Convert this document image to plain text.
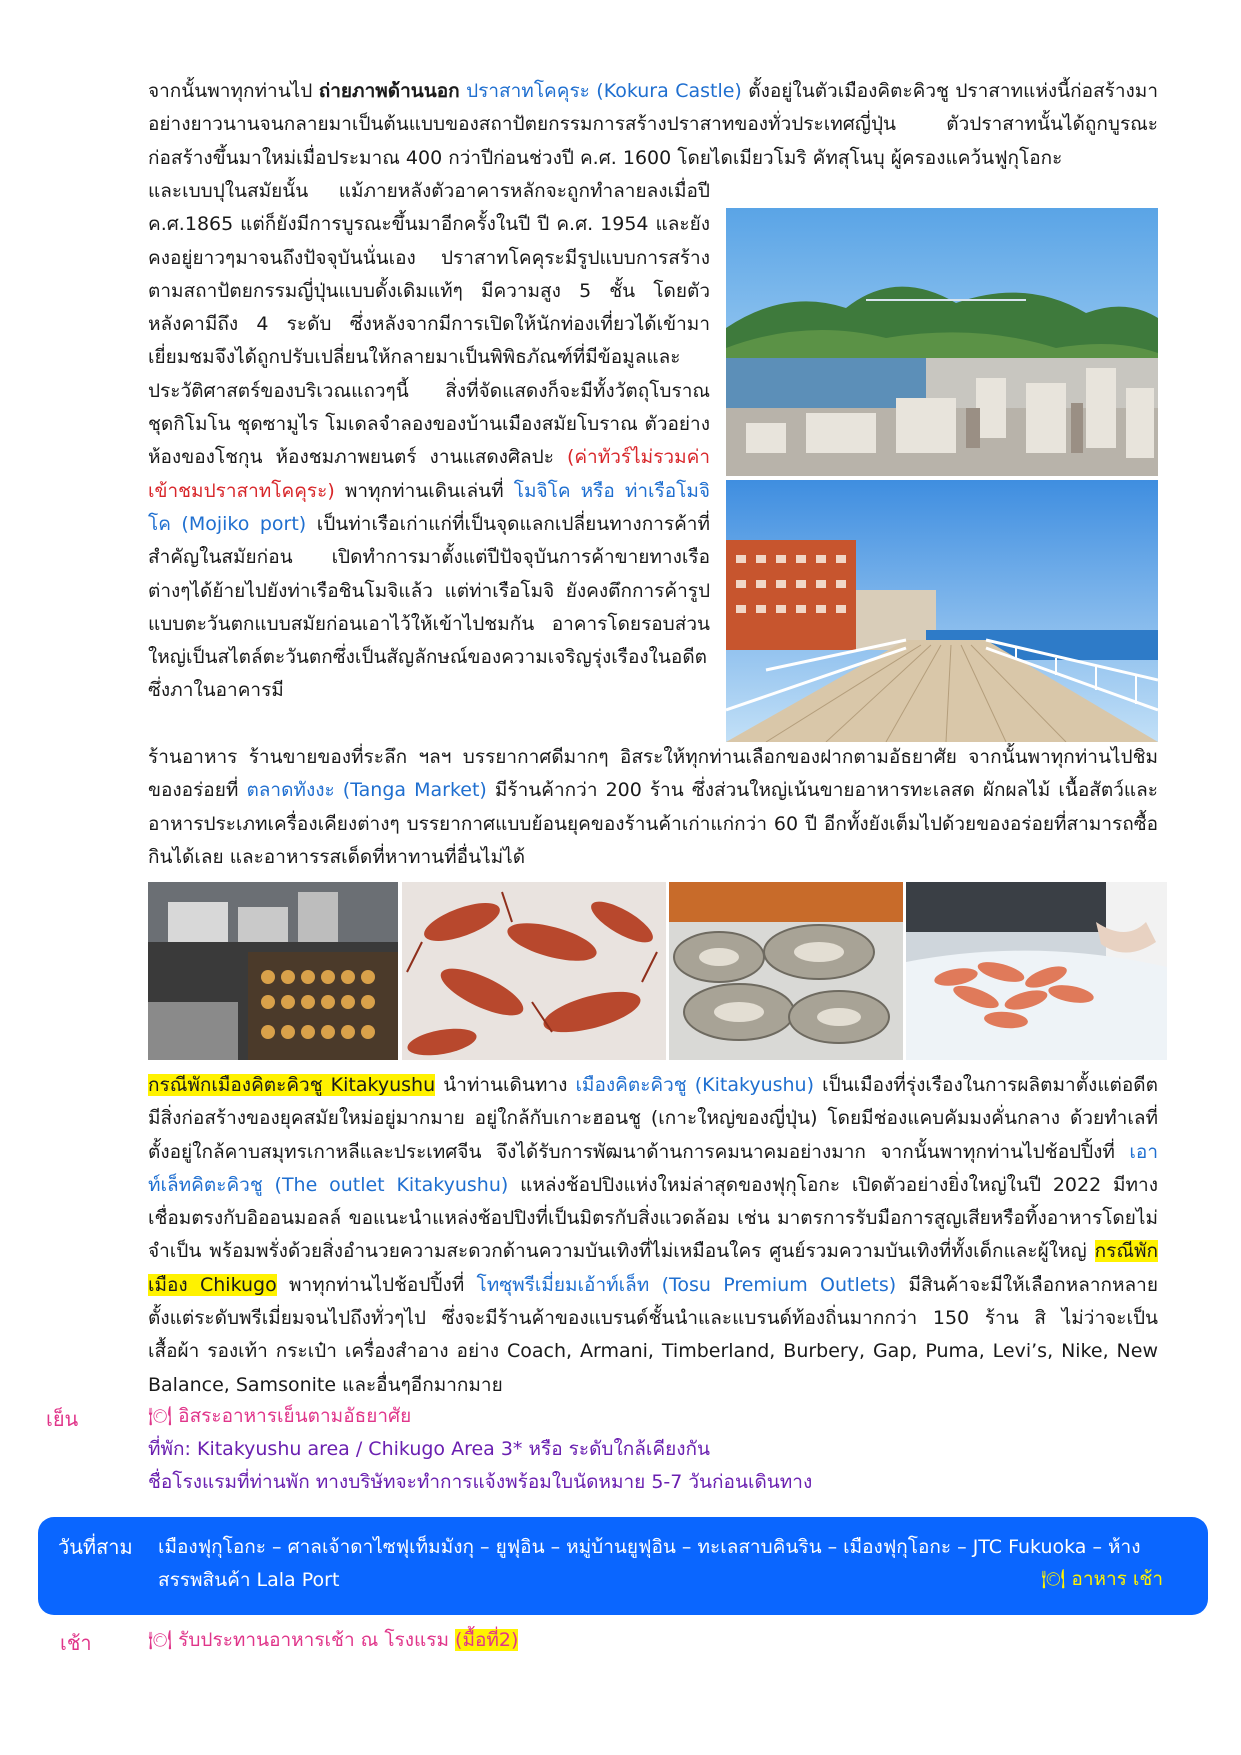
จากนั้นพาทุกท่านไป ถ่ายภาพด้านนอก ปราสาทโคคุระ (Kokura Castle) ตั้งอยู่ในตัวเมืองคิตะคิวชู ปราสาทแห่งนี้ก่อสร้างมาอย่างยาวนานจนกลายมาเป็นต้นแบบของสถาปัตยกรรมการสร้างปราสาทของทั่วประเทศญี่ปุ่น ตัวปราสาทนั้นได้ถูกบูรณะก่อสร้างขึ้นมาใหม่เมื่อประมาณ 400 กว่าปีก่อนช่วงปี ค.ศ. 1600 โดยไดเมียวโมริ คัทสุโนบุ ผู้ครองแคว้นฟูกุโอกะ
และเบบปุในสมัยนั้น แม้ภายหลังตัวอาคารหลักจะถูกทำลายลงเมื่อปี ค.ศ.1865 แต่ก็ยังมีการบูรณะขึ้นมาอีกครั้งในปี ปี ค.ศ. 1954 และยังคงอยู่ยาวๆมาจนถึงปัจจุบันนั่นเอง ปราสาทโคคุระมีรูปแบบการสร้างตามสถาปัตยกรรมญี่ปุ่นแบบดั้งเดิมแท้ๆ มีความสูง 5 ชั้น โดยตัวหลังคามีถึง 4 ระดับ ซึ่งหลังจากมีการเปิดให้นักท่องเที่ยวได้เข้ามาเยี่ยมชมจึงได้ถูกปรับเปลี่ยนให้กลายมาเป็นพิพิธภัณฑ์ที่มีข้อมูลและประวัติศาสตร์ของบริเวณแถวๆนี้ สิ่งที่จัดแสดงก็จะมีทั้งวัตถุโบราณ ชุดกิโมโน ชุดซามูไร โมเดลจำลองของบ้านเมืองสมัยโบราณ ตัวอย่างห้องของโชกุน ห้องชมภาพยนตร์ งานแสดงศิลปะ (ค่าทัวร์ไม่รวมค่าเข้าชมปราสาทโคคุระ) พาทุกท่านเดินเล่นที่ โมจิโค หรือ ท่าเรือโมจิโค (Mojiko port) เป็นท่าเรือเก่าแก่ที่เป็นจุดแลกเปลี่ยนทางการค้าที่สำคัญในสมัยก่อน เปิดทำการมาตั้งแต่ปีปัจจุบันการค้าขายทางเรือต่างๆได้ย้ายไปยังท่าเรือชินโมจิแล้ว แต่ท่าเรือโมจิ ยังคงตึกการค้ารูปแบบตะวันตกแบบสมัยก่อนเอาไว้ให้เข้าไปชมกัน อาคารโดยรอบส่วนใหญ่เป็นสไตล์ตะวันตกซึ่งเป็นสัญลักษณ์ของความเจริญรุ่งเรืองในอดีต ซึ่งภาในอาคารมี
ร้านอาหาร ร้านขายของที่ระลึก ฯลฯ บรรยากาศดีมากๆ อิสระให้ทุกท่านเลือกของฝากตามอัธยาศัย จากนั้นพาทุกท่านไปชิมของอร่อยที่ ตลาดทังงะ (Tanga Market) มีร้านค้ากว่า 200 ร้าน ซึ่งส่วนใหญ่เน้นขายอาหารทะเลสด ผักผลไม้ เนื้อสัตว์และอาหารประเภทเครื่องเคียงต่างๆ บรรยากาศแบบย้อนยุคของร้านค้าเก่าแก่กว่า 60 ปี อีกทั้งยังเต็มไปด้วยของอร่อยที่สามารถซื้อกินได้เลย และอาหารรสเด็ดที่หาทานที่อื่นไม่ได้
กรณีพักเมืองคิตะคิวชู Kitakyushu นำท่านเดินทาง เมืองคิตะคิวชู (Kitakyushu) เป็นเมืองที่รุ่งเรืองในการผลิตมาตั้งแต่อดีต มีสิ่งก่อสร้างของยุคสมัยใหม่อยู่มากมาย อยู่ใกล้กับเกาะฮอนชู (เกาะใหญ่ของญี่ปุ่น) โดยมีช่องแคบคัมมงคั่นกลาง ด้วยทำเลที่ตั้งอยู่ใกล้คาบสมุทรเกาหลีและประเทศจีน จึงได้รับการพัฒนาด้านการคมนาคมอย่างมาก จากนั้นพาทุกท่านไปช้อปปิ้งที่ เอาท์เล็ทคิตะคิวชู (The outlet Kitakyushu) แหล่งช้อปปิงแห่งใหม่ล่าสุดของฟุกุโอกะ เปิดตัวอย่างยิ่งใหญ่ในปี 2022 มีทางเชื่อมตรงกับอิออนมอลล์ ขอแนะนำแหล่งช้อปปิงที่เป็นมิตรกับสิ่งแวดล้อม เช่น มาตรการรับมือการสูญเสียหรือทิ้งอาหารโดยไม่จำเป็น พร้อมพรั่งด้วยสิ่งอำนวยความสะดวกด้านความบันเทิงที่ไม่เหมือนใคร ศูนย์รวมความบันเทิงที่ทั้งเด็กและผู้ใหญ่ กรณีพักเมือง Chikugo พาทุกท่านไปช้อปปิ้งที่ โทซุพรีเมี่ยมเอ้าท์เล็ท (Tosu Premium Outlets) มีสินค้าจะมีให้เลือกหลากหลายตั้งแต่ระดับพรีเมี่ยมจนไปถึงทั่วๆไป ซึ่งจะมีร้านค้าของแบรนด์ชั้นนำและแบรนด์ท้องถิ่นมากกว่า 150 ร้าน สิ ไม่ว่าจะเป็นเสื้อผ้า รองเท้า กระเป๋า เครื่องสำอาง อย่าง Coach, Armani, Timberland, Burbery, Gap, Puma, Levi’s, Nike, New Balance, Samsonite และอื่นๆอีกมากมาย
เย็น	🍽 อิสระอาหารเย็นตามอัธยาศัย
ที่พัก: Kitakyushu area / Chikugo Area 3* หรือ ระดับใกล้เคียงกัน
ชื่อโรงแรมที่ท่านพัก ทางบริษัทจะทำการแจ้งพร้อมใบนัดหมาย 5-7 วันก่อนเดินทาง
วันที่สาม เมืองฟุกุโอกะ – ศาลเจ้าดาไซฟุเท็มมังกุ – ยูฟุอิน – หมู่บ้านยูฟุอิน – ทะเลสาบคินริน – เมืองฟุกุโอกะ – JTC Fukuoka – ห้างสรรพสินค้า Lala Port	🍽 อาหาร เช้า
เช้า	🍽 รับประทานอาหารเช้า ณ โรงแรม (มื้อที่2)
